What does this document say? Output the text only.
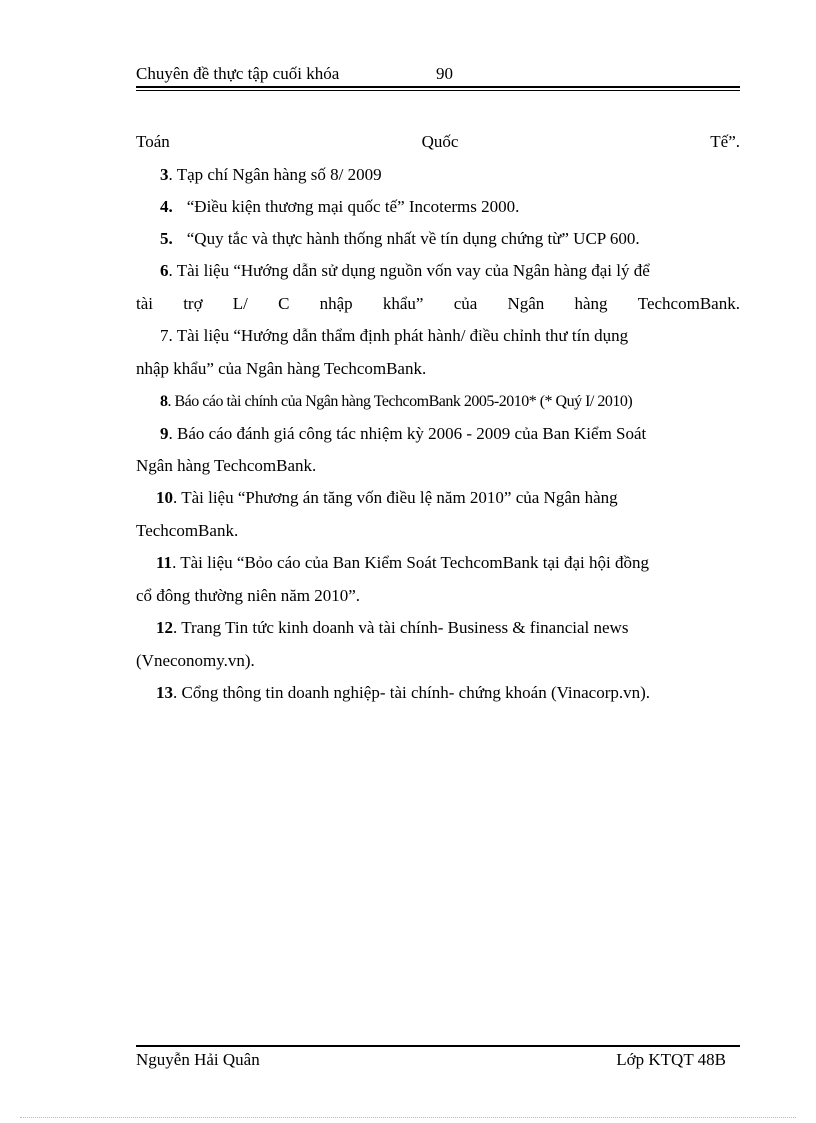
Chuyên đề thực tập cuối khóa	90
Toán	Quốc	Tế”.
3. Tạp chí Ngân hàng số 8/ 2009
4. “Điều kiện thương mại quốc tế” Incoterms 2000.
5. “Quy tắc và thực hành thống nhất về tín dụng chứng từ” UCP 600.
6. Tài liệu “Hướng dẫn sử dụng nguồn vốn vay của Ngân hàng đại lý để
tài trợ L/ C nhập khẩu” của Ngân hàng TechcomBank.
7. Tài liệu “Hướng dẫn thẩm định phát hành/ điều chỉnh thư tín dụng
nhập khẩu” của Ngân hàng TechcomBank.
8. Báo cáo tài chính của Ngân hàng TechcomBank 2005-2010* (* Quý I/ 2010)
9. Báo cáo đánh giá công tác nhiệm kỳ 2006 - 2009 của Ban Kiểm Soát
Ngân hàng TechcomBank.
10. Tài liệu “Phương án tăng vốn điều lệ năm 2010” của Ngân hàng
TechcomBank.
11. Tài liệu “Bỏo cáo của Ban Kiểm Soát TechcomBank tại đại hội đồng
cổ đông thường niên năm 2010”.
12. Trang Tin tức kinh doanh và tài chính- Business & financial news
(Vneconomy.vn).
13. Cổng thông tin doanh nghiệp- tài chính- chứng khoán (Vinacorp.vn).
Nguyễn Hải Quân	Lớp KTQT 48B
